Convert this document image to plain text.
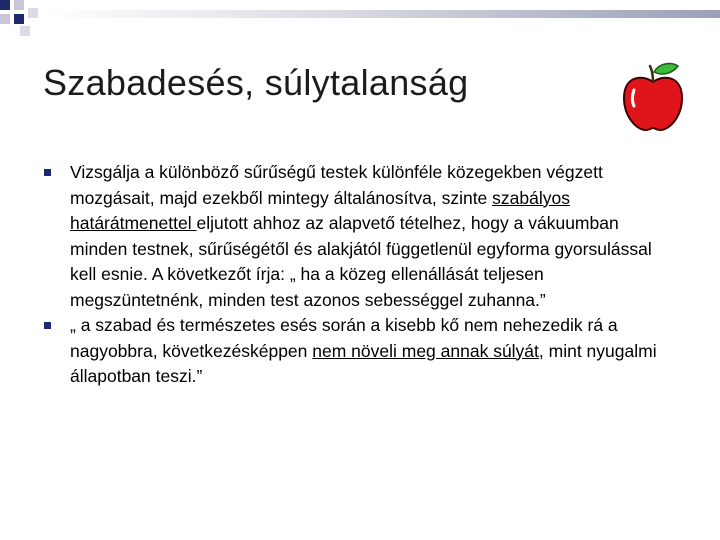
Szabadesés, súlytalanság
Vizsgálja a különböző sűrűségű testek különféle közegekben végzett mozgásait, majd ezekből mintegy általánosítva, szinte szabályos határátmenettel eljutott ahhoz az alapvető tételhez, hogy a vákuumban minden testnek, sűrűségétől és alakjától függetlenül egyforma gyorsulással kell esnie. A következőt írja: „ ha a közeg ellenállását teljesen megszüntetnénk, minden test azonos sebességgel zuhanna.”
„ a szabad és természetes esés során a kisebb kő nem nehezedik rá a nagyobbra, következésképpen nem növeli meg annak súlyát, mint nyugalmi állapotban teszi.”
